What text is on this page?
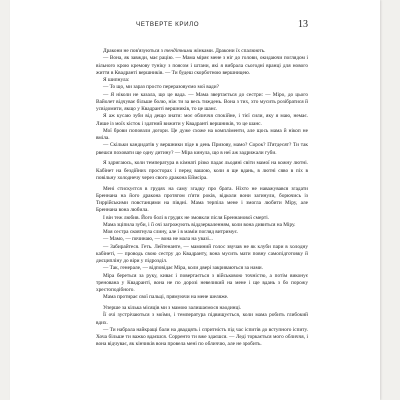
ЧЕТВЕРТЕ КРИЛО	13

Дракони не пов'язуються з тендітними жінками. Дракони їх спалюють.

— Вона, як завжди, має рацію. — Мама міряє мене з ніг до голови, окидаючи поглядом і вільного крою кремову туніку з поясом і штани, які я вибрала сьогодні вранці для нового життя в Квадранті вершників. — Ти будеш скорботною вершницею.

Я шипнула:

— То що, ми зараз просто переразовуємо мої вади?

— Я ніколи не казала, що це вада. — Мама звертається до сестри: — Міро, до цього Вайолет відчуває більше болю, ніж ти за весь тиждень. Вона з тих, хто мусить розібратися й усвідомити, якщо у Квадранті вершників, то це шанс.

Я аж кусаю зуби від дещо знати: моє обличчя спокійне, і тієї сили, яку я маю, немає. Лише із моїх кісток і здатний вижити у Квадранті вершників, то це шанс.

Мої брови поповзли догори. Це дуже схоже на компліменти, але щось мама й нікоп не вміла.

— Скільки кандидатів у вершники піде в день Призову, мамо? Сорок? П'ятдесят? Ти так рвешся поховати ще одну дитину? — Міра кинула, що в неї аж задрижали губи.

Я здригаюсь, коли температура в кімнаті різко падає льодяні світи мамої на кожну лютні. Кабінет на бездійних просторах і перед вашою, коли я ще вдань, в лютні сяво в піх в повільну холоднечу через свого дракона Еймсіра.

Мені стискуєтся в грудях на саму згадку про брата. Ніхто не наважувався згадати Бреннана на його дракона протягом п'яти років, відколи вони загинули, борючись із Тиррійськими повстанцями на півдні. Мама терпіла мене і змогла любити Міру, але Бреннана вона любила.

І він теж любив. Його болі в грудях не змовкли після Бреннанової смерті.

Мама зціпила зуби, і її очі загрожують віддзеркаленням, коли вона дивиться на Міру.

Моя сестра сковтнула слину, але і в маміи погляд витримує.

— Мамо, — починаю, — вона не мала на увазі...

— Забирайтеся. Геть. Лейтенанте, — маминий голос звучав не як клуби пари в холодну кабінеті, — проводь свою сестру до Квадранту, вона мусить мати повну самопідготовку й дисципліну до віри у підрозділ.

— Так, генерале, — відповідає Міра, коли двері закриваються за нами.

Міра береться за руку, киває і повертається з військовою точністю, а потім виконує тренована у Квадранті, вона не по дорозі невеликий на мене і ще вдань з бо порожу хрестоподібного.

Мама протирає свої пальці, прямуючи на мене шеляже.

Уперше за кілька місяців ми з мамою залишаємося наодинці.

Її очі зустрічаються з моїми, і температура підвищується, коли мама робить глибокий вдих.

— Ти набрала найкращі бали на двадцять і спритність під час іспитів до вступного іспиту. Хоча більше ти важко вдаєшся. Сорренто ти вже здаєшся. — Леді торкається мого обличчя, і вона відчуває, як кінчиків вона провела мені по обличчю, але не зробить.
